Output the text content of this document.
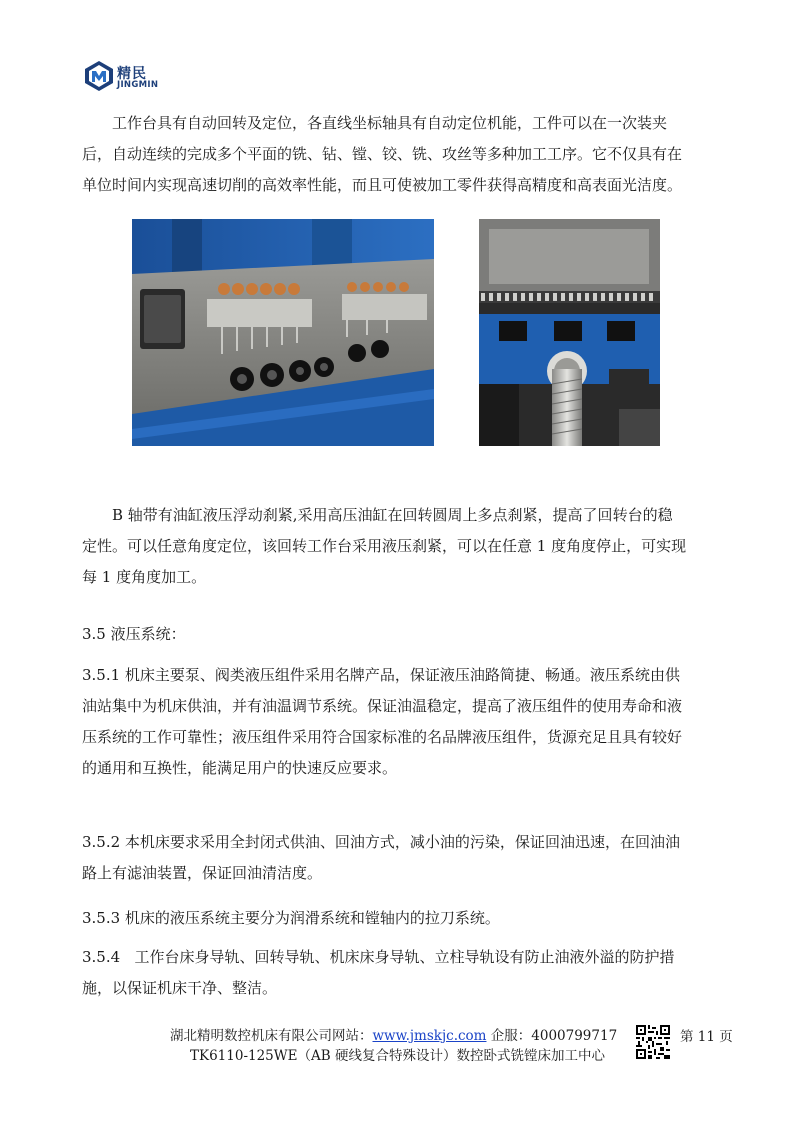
精民
JINGMIN
工作台具有自动回转及定位，各直线坐标轴具有自动定位机能，工件可以在一次装夹
后，自动连续的完成多个平面的铣、钻、镗、铰、铣、攻丝等多种加工工序。它不仅具有在
单位时间内实现高速切削的高效率性能，而且可使被加工零件获得高精度和高表面光洁度。
B 轴带有油缸液压浮动刹紧,采用高压油缸在回转圆周上多点刹紧，提高了回转台的稳
定性。可以任意角度定位，该回转工作台采用液压刹紧，可以在任意 1 度角度停止，可实现
每 1 度角度加工。
3.5 液压系统：
3.5.1 机床主要泵、阀类液压组件采用名牌产品，保证液压油路简捷、畅通。液压系统由供
油站集中为机床供油，并有油温调节系统。保证油温稳定，提高了液压组件的使用寿命和液
压系统的工作可靠性；液压组件采用符合国家标准的名品牌液压组件，货源充足且具有较好
的通用和互换性，能满足用户的快速反应要求。
3.5.2 本机床要求采用全封闭式供油、回油方式，减小油的污染，保证回油迅速，在回油油
路上有滤油装置，保证回油清洁度。
3.5.3 机床的液压系统主要分为润滑系统和镗轴内的拉刀系统。
3.5.4   工作台床身导轨、回转导轨、机床床身导轨、立柱导轨设有防止油液外溢的防护措
施，以保证机床干净、整洁。
湖北精明数控机床有限公司网站：www.jmskjc.com 企服：4000799717	第 11 页
TK6110-125WE（AB 硬线复合特殊设计）数控卧式铣镗床加工中心
